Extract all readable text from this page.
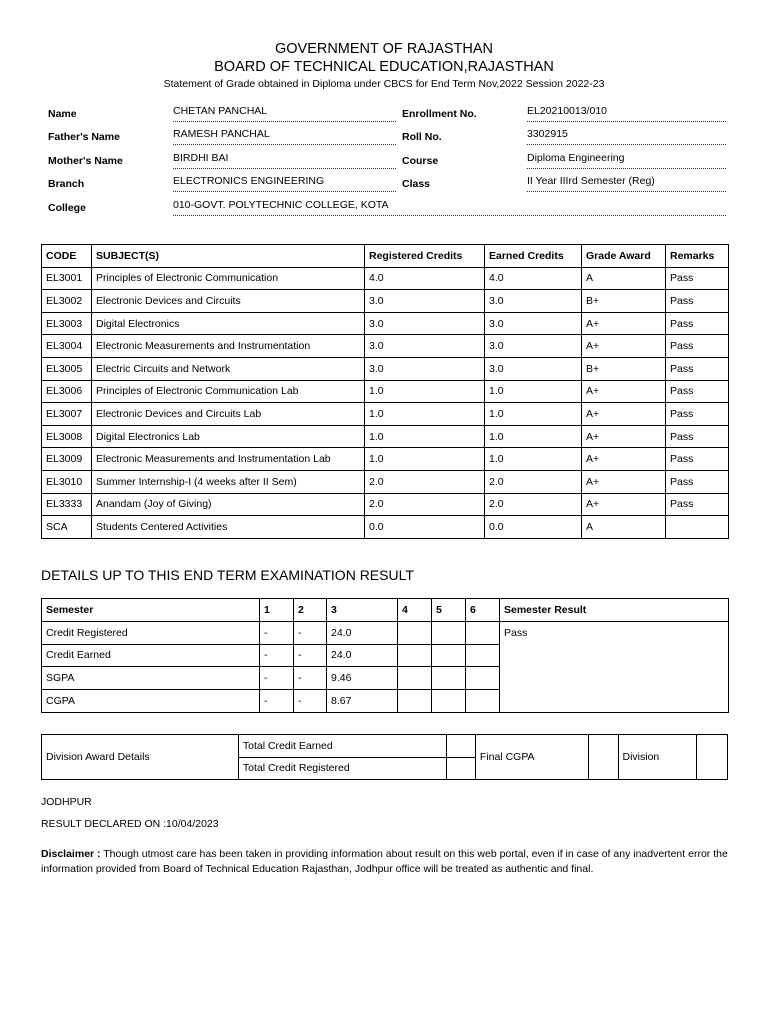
GOVERNMENT OF RAJASTHAN
BOARD OF TECHNICAL EDUCATION,RAJASTHAN
Statement of Grade obtained in Diploma under CBCS for End Term Nov,2022 Session 2022-23
Name	CHETAN PANCHAL	Enrollment No.	EL20210013/010
Father's Name	RAMESH PANCHAL	Roll No.	3302915
Mother's Name	BIRDHI BAI	Course	Diploma Engineering
Branch	ELECTRONICS ENGINEERING	Class	II Year IIIrd Semester (Reg)
College	010-GOVT. POLYTECHNIC COLLEGE, KOTA
CODE	SUBJECT(S)	Registered Credits	Earned Credits	Grade Award	Remarks
EL3001	Principles of Electronic Communication	4.0	4.0	A	Pass
EL3002	Electronic Devices and Circuits	3.0	3.0	B+	Pass
EL3003	Digital Electronics	3.0	3.0	A+	Pass
EL3004	Electronic Measurements and Instrumentation	3.0	3.0	A+	Pass
EL3005	Electric Circuits and Network	3.0	3.0	B+	Pass
EL3006	Principles of Electronic Communication Lab	1.0	1.0	A+	Pass
EL3007	Electronic Devices and Circuits Lab	1.0	1.0	A+	Pass
EL3008	Digital Electronics Lab	1.0	1.0	A+	Pass
EL3009	Electronic Measurements and Instrumentation Lab	1.0	1.0	A+	Pass
EL3010	Summer Internship-I (4 weeks after II Sem)	2.0	2.0	A+	Pass
EL3333	Anandam (Joy of Giving)	2.0	2.0	A+	Pass
SCA	Students Centered Activities	0.0	0.0	A	
DETAILS UP TO THIS END TERM EXAMINATION RESULT
Semester	1	2	3	4	5	6	Semester Result
Credit Registered	-	-	24.0				Pass
Credit Earned	-	-	24.0				
SGPA	-	-	9.46				
CGPA	-	-	8.67				
Division Award Details	Total Credit Earned		Final CGPA		Division	
	Total Credit Registered					
JODHPUR
RESULT DECLARED ON :10/04/2023
Disclaimer : Though utmost care has been taken in providing information about result on this web portal, even if in case of any inadvertent error the information provided from Board of Technical Education Rajasthan, Jodhpur office will be treated as authentic and final.
